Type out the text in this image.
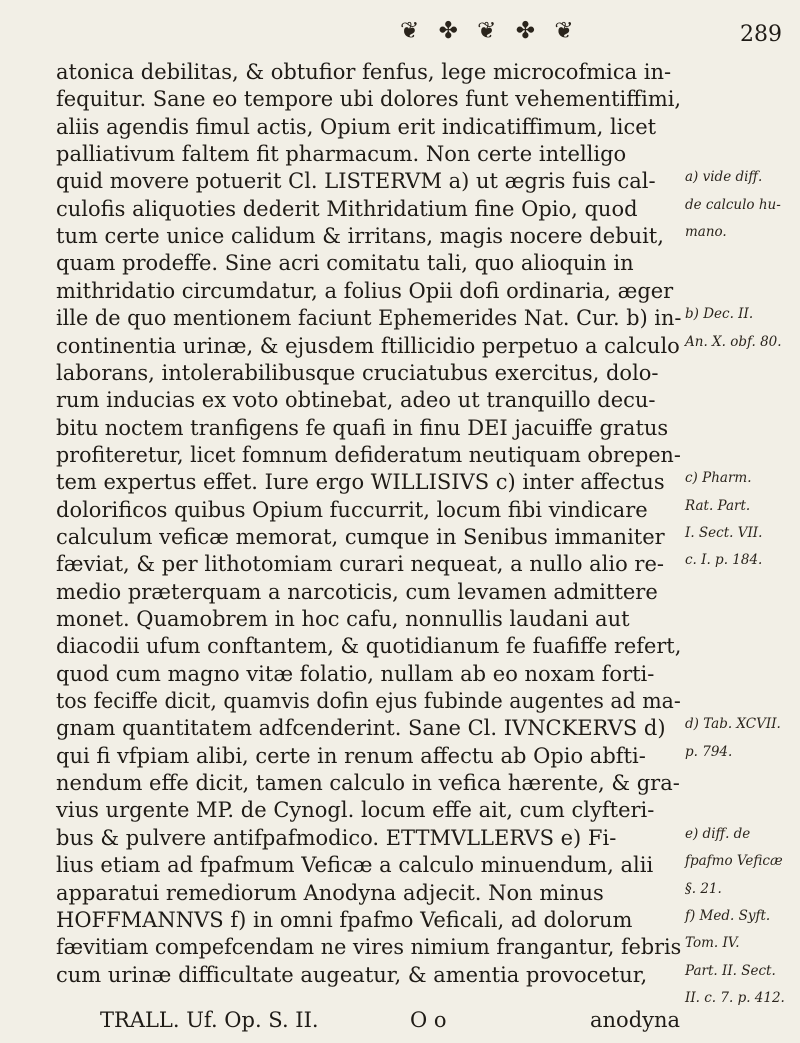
❦ ✤ ❦ ✤ ❦	289
atonica debilitas, & obtufior fenfus, lege microcofmica in-
fequitur. Sane eo tempore ubi dolores funt vehementiffimi,
aliis agendis fimul actis, Opium erit indicatiffimum, licet
palliativum faltem fit pharmacum. Non certe intelligo
quid movere potuerit Cl. LISTERVM a) ut ægris fuis cal- a) vide diff.
culofis aliquoties dederit Mithridatium fine Opio, quod	de calculo hu-
tum certe unice calidum & irritans, magis nocere debuit, mano.
quam prodeffe. Sine acri comitatu tali, quo alioquin in
mithridatio circumdatur, a folius Opii dofi ordinaria, æger
ille de quo mentionem faciunt Ephemerides Nat. Cur. b) in- b) Dec. II.
continentia urinæ, & ejusdem ftillicidio perpetuo a calculo An. X. obf. 80.
laborans, intolerabilibusque cruciatubus exercitus, dolo-
rum inducias ex voto obtinebat, adeo ut tranquillo decu-
bitu noctem tranfigens fe quafi in finu DEI jacuiffe gratus
profiteretur, licet fomnum defideratum neutiquam obrepen-
tem expertus effet. Iure ergo WILLISIVS c) inter affectus c) Pharm.
dolorificos quibus Opium fuccurrit, locum fibi vindicare	Rat. Part.
calculum veficæ memorat, cumque in Senibus immaniter I. Sect. VII.
fæviat, & per lithotomiam curari nequeat, a nullo alio re- c. I. p. 184.
medio præterquam a narcoticis, cum levamen admittere
monet. Quamobrem in hoc cafu, nonnullis laudani aut
diacodii ufum conftantem, & quotidianum fe fuafiffe refert,
quod cum magno vitæ folatio, nullam ab eo noxam forti-
tos feciffe dicit, quamvis dofin ejus fubinde augentes ad ma-
gnam quantitatem adfcenderint. Sane Cl. IVNCKERVS d) d) Tab. XCVII.
qui fi vfpiam alibi, certe in renum affectu ab Opio abfti-	p. 794.
nendum effe dicit, tamen calculo in vefica hærente, & gra-
vius urgente MP. de Cynogl. locum effe ait, cum clyfteri-
bus & pulvere antifpafmodico. ETTMVLLERVS e) Fi-	e) diff. de
lius etiam ad fpafmum Veficæ a calculo minuendum, alii fpafmo Veficæ
apparatui remediorum Anodyna adjecit. Non minus	§. 21.
HOFFMANNVS f) in omni fpafmo Veficali, ad dolorum	f) Med. Syft.
fævitiam compefcendam ne vires nimium frangantur, febris Tom. IV.
cum urinæ difficultate augeatur, & amentia provocetur,	Part. II. Sect.
II. c. 7. p. 412.
TRALL. Uf. Op. S. II.	O o	anodyna
